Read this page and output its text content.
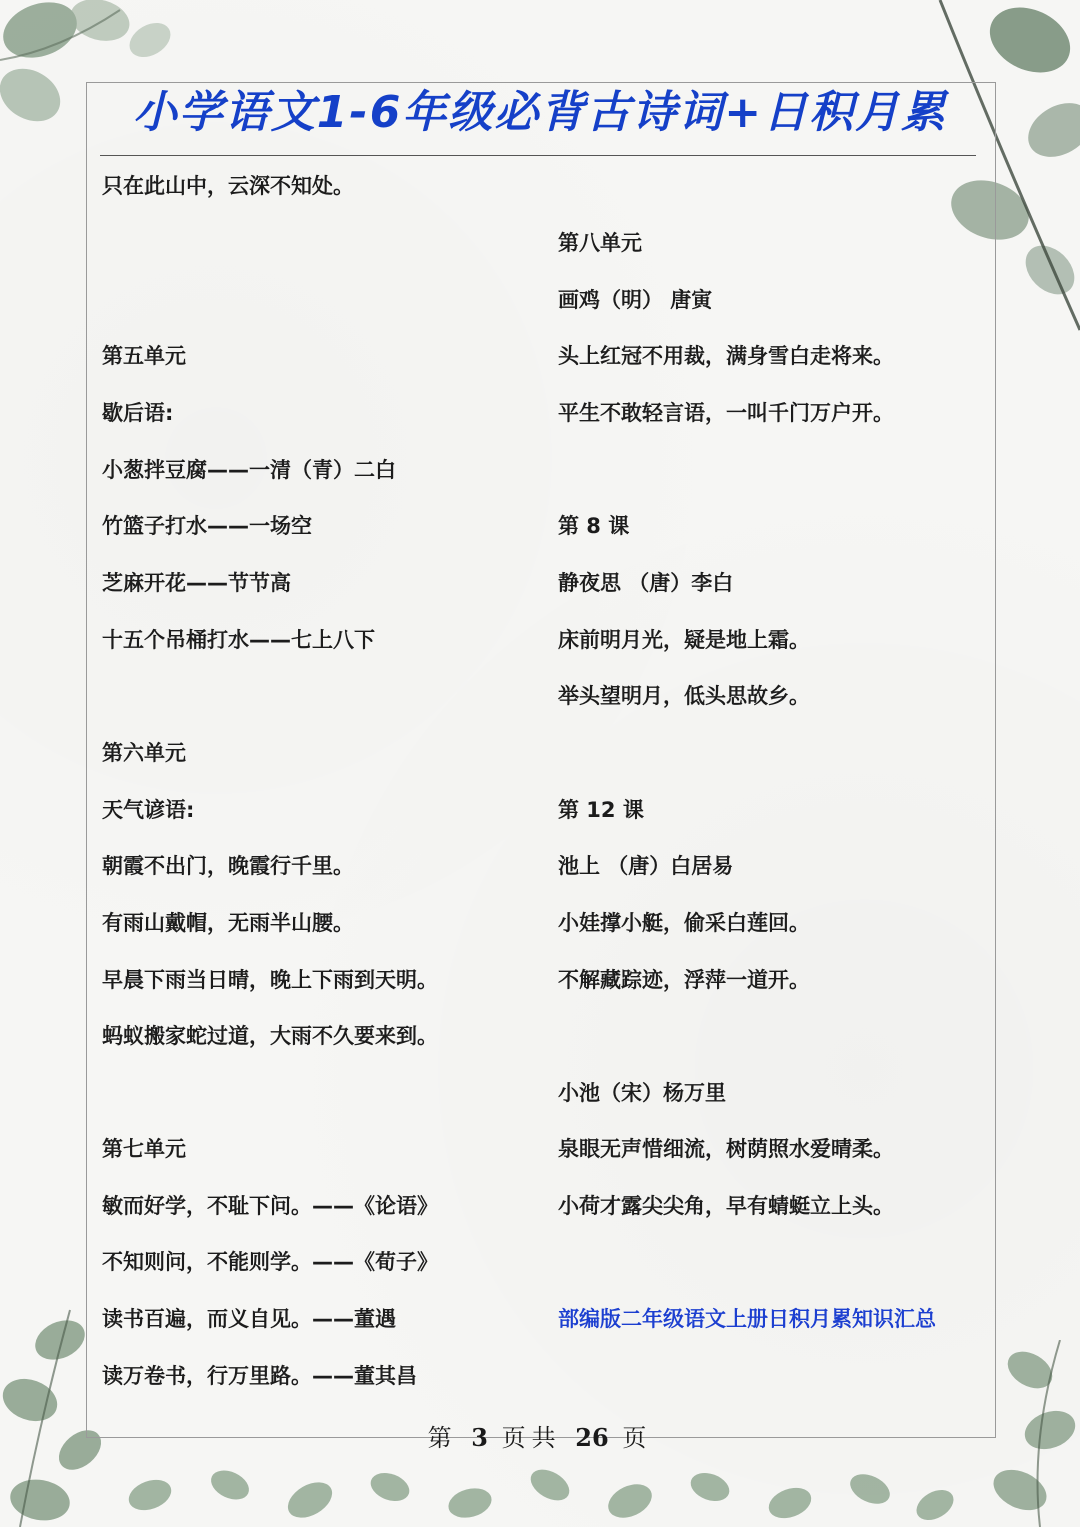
小学语文1-6年级必背古诗词+日积月累
只在此山中，云深不知处。
第五单元
歇后语:
小葱拌豆腐——一清（青）二白
竹篮子打水——一场空
芝麻开花——节节高
十五个吊桶打水——七上八下
第六单元
天气谚语:
朝霞不出门，晚霞行千里。
有雨山戴帽，无雨半山腰。
早晨下雨当日晴，晚上下雨到天明。
蚂蚁搬家蛇过道，大雨不久要来到。
第七单元
敏而好学，不耻下问。——《论语》
不知则问，不能则学。——《荀子》
读书百遍，而义自见。——董遇
读万卷书，行万里路。——董其昌
第八单元
画鸡（明） 唐寅
头上红冠不用裁，满身雪白走将来。
平生不敢轻言语，一叫千门万户开。
第 8 课
静夜思 （唐）李白
床前明月光，疑是地上霜。
举头望明月，低头思故乡。
第 12 课
池上 （唐）白居易
小娃撑小艇，偷采白莲回。
不解藏踪迹，浮萍一道开。
小池（宋）杨万里
泉眼无声惜细流，树荫照水爱晴柔。
小荷才露尖尖角，早有蜻蜓立上头。
部编版二年级语文上册日积月累知识汇总
第 3 页共 26 页
